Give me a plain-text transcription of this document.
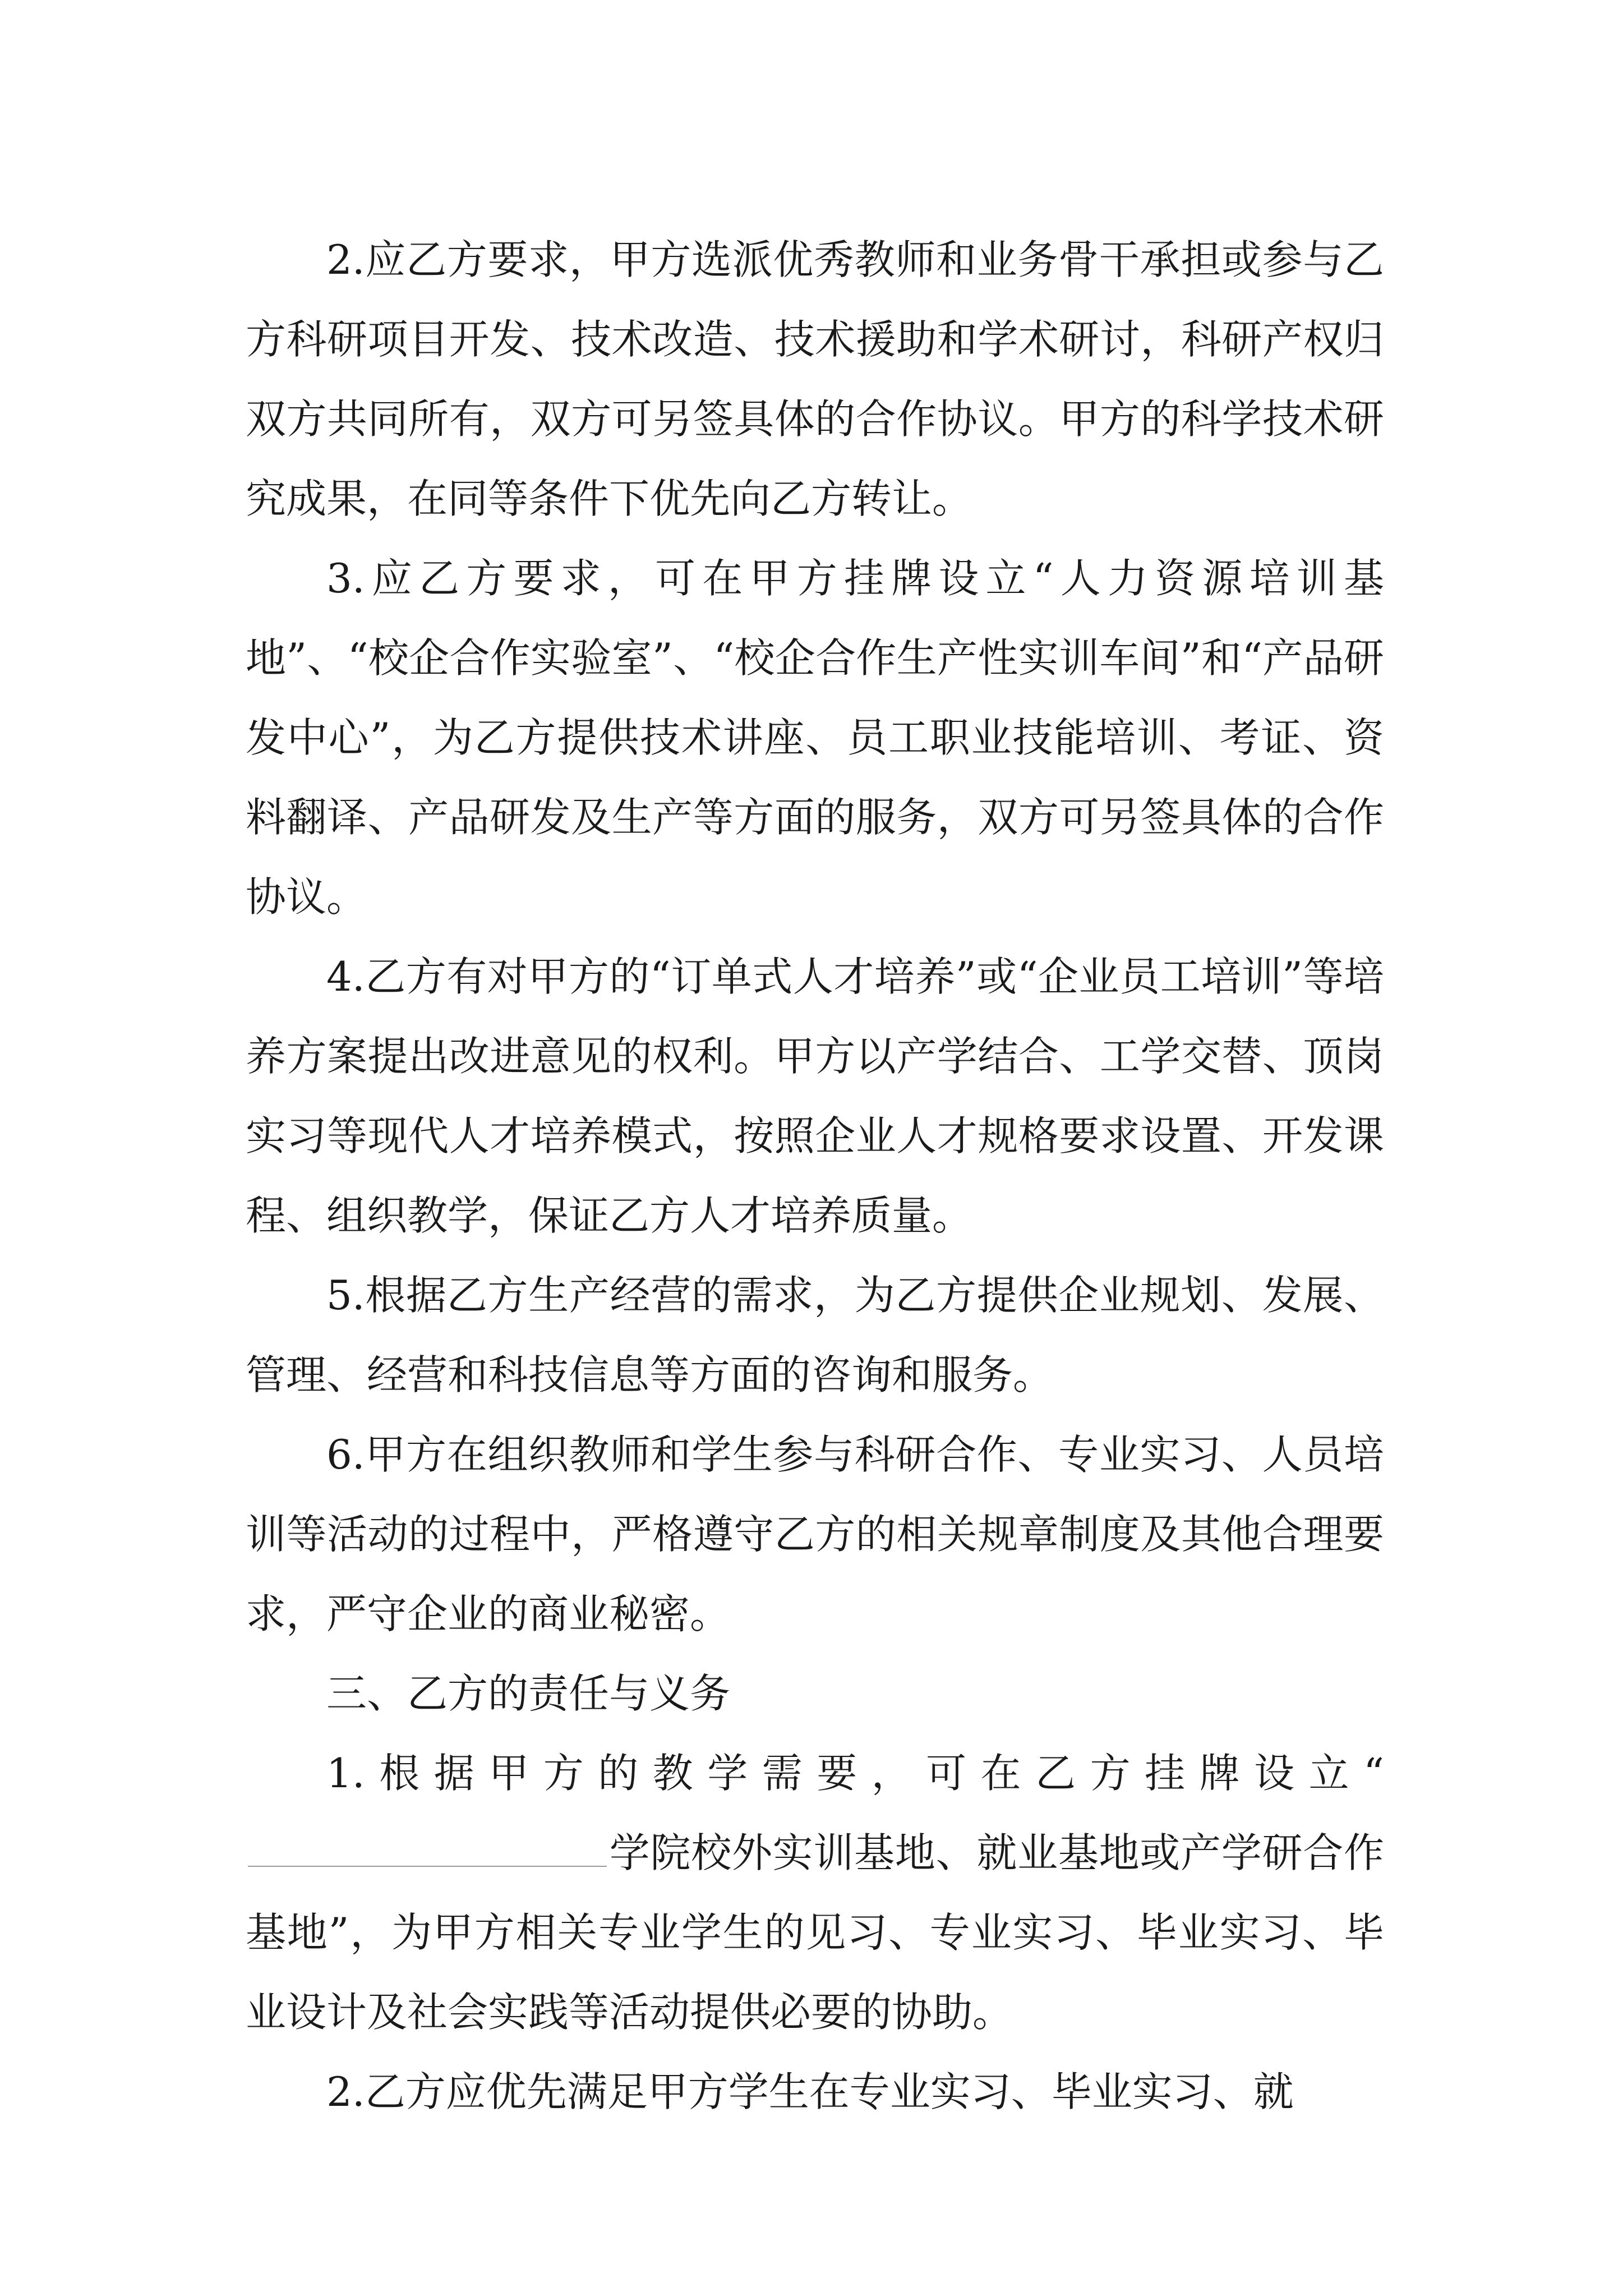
2.应乙方要求，甲方选派优秀教师和业务骨干承担或参与乙方科研项目开发、技术改造、技术援助和学术研讨，科研产权归双方共同所有，双方可另签具体的合作协议。甲方的科学技术研究成果，在同等条件下优先向乙方转让。

3.应乙方要求，可在甲方挂牌设立“人力资源培训基地”、“校企合作实验室”、“校企合作生产性实训车间”和“产品研发中心”，为乙方提供技术讲座、员工职业技能培训、考证、资料翻译、产品研发及生产等方面的服务，双方可另签具体的合作协议。

4.乙方有对甲方的“订单式人才培养”或“企业员工培训”等培养方案提出改进意见的权利。甲方以产学结合、工学交替、顶岗实习等现代人才培养模式，按照企业人才规格要求设置、开发课程、组织教学，保证乙方人才培养质量。

5.根据乙方生产经营的需求，为乙方提供企业规划、发展、管理、经营和科技信息等方面的咨询和服务。

6.甲方在组织教师和学生参与科研合作、专业实习、人员培训等活动的过程中，严格遵守乙方的相关规章制度及其他合理要求，严守企业的商业秘密。

三、乙方的责任与义务

1.根据甲方的教学需要，可在乙方挂牌设立“学院校外实训基地、就业基地或产学研合作基地”，为甲方相关专业学生的见习、专业实习、毕业实习、毕业设计及社会实践等活动提供必要的协助。

2.乙方应优先满足甲方学生在专业实习、毕业实习、就
